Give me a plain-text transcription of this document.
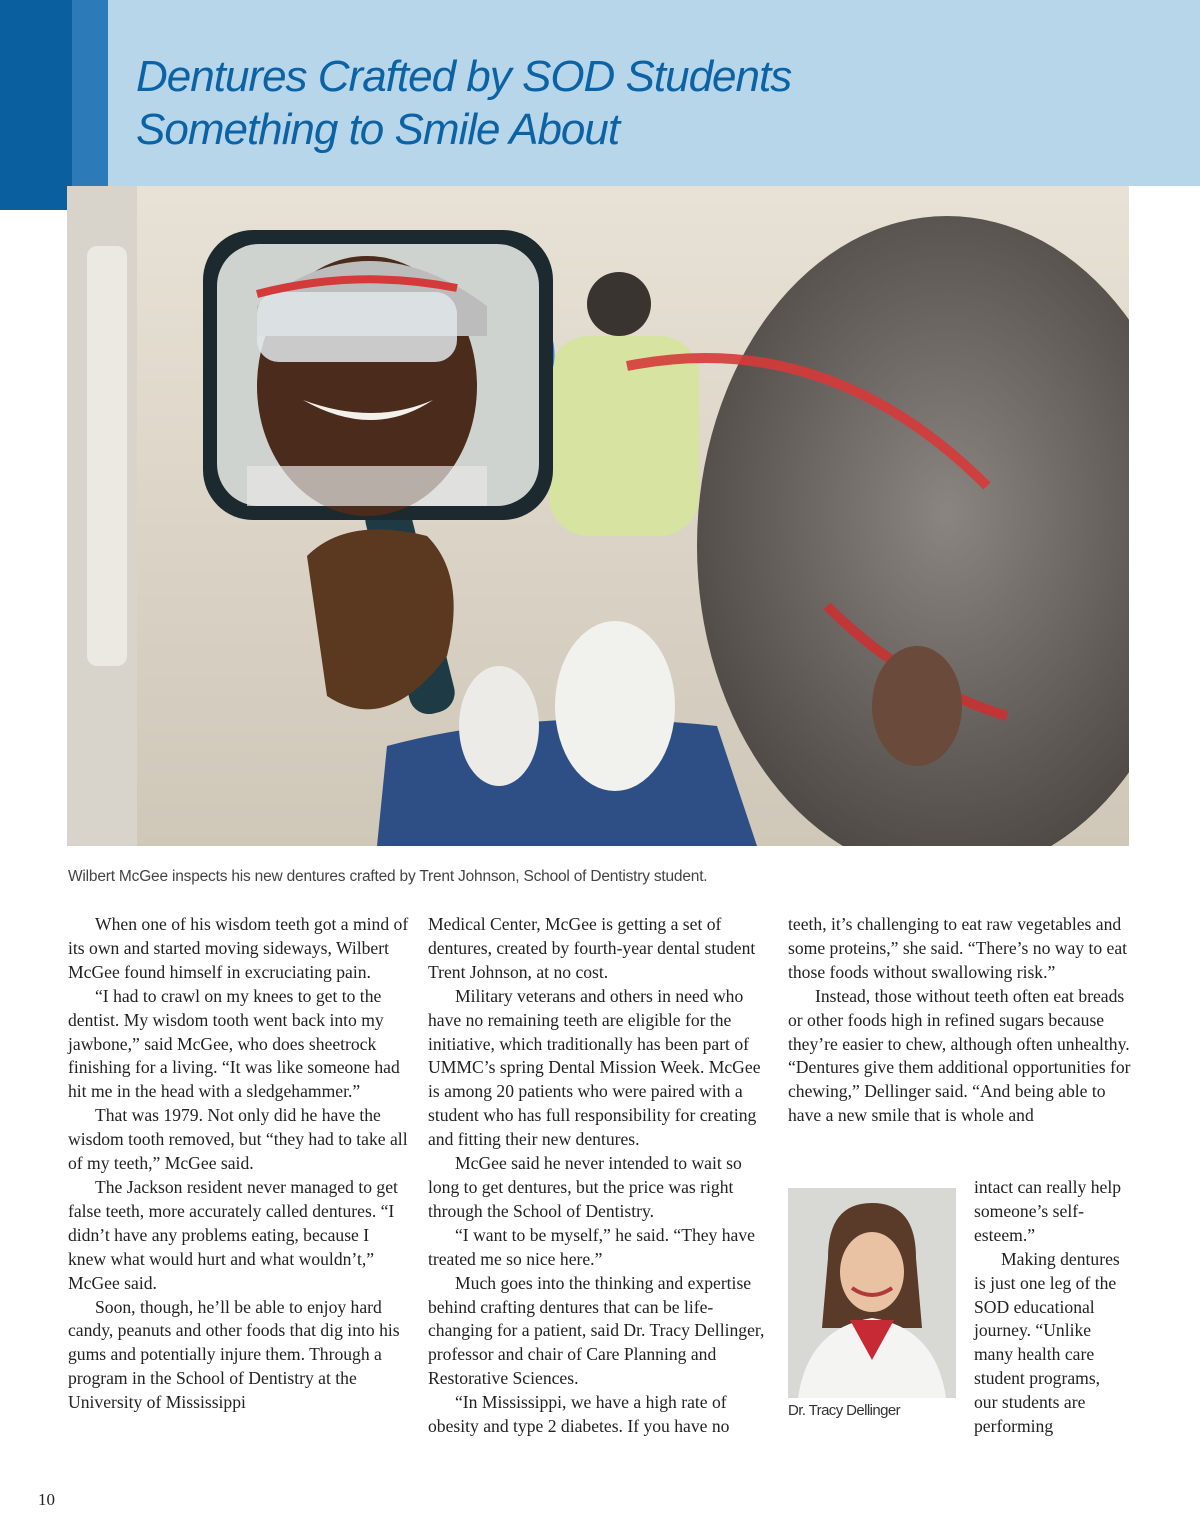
Dentures Crafted by SOD Students
Something to Smile About
Wilbert McGee inspects his new dentures crafted by Trent Johnson, School of Dentistry student.

When one of his wisdom teeth got a mind of its own and started moving sideways, Wilbert McGee found himself in excruciating pain.

“I had to crawl on my knees to get to the dentist. My wisdom tooth went back into my jawbone,” said McGee, who does sheetrock finishing for a living. “It was like someone had hit me in the head with a sledgehammer.”

That was 1979. Not only did he have the wisdom tooth removed, but “they had to take all of my teeth,” McGee said.

The Jackson resident never managed to get false teeth, more accurately called dentures. “I didn’t have any problems eating, because I knew what would hurt and what wouldn’t,” McGee said.

Soon, though, he’ll be able to enjoy hard candy, peanuts and other foods that dig into his gums and potentially injure them. Through a program in the School of Dentistry at the University of Mississippi

Medical Center, McGee is getting a set of dentures, created by fourth-year dental student Trent Johnson, at no cost.

Military veterans and others in need who have no remaining teeth are eligible for the initiative, which traditionally has been part of UMMC’s spring Dental Mission Week. McGee is among 20 patients who were paired with a student who has full responsibility for creating and fitting their new dentures.

McGee said he never intended to wait so long to get dentures, but the price was right through the School of Dentistry.

“I want to be myself,” he said. “They have treated me so nice here.”

Much goes into the thinking and expertise behind crafting dentures that can be life-changing for a patient, said Dr. Tracy Dellinger, professor and chair of Care Planning and Restorative Sciences.

“In Mississippi, we have a high rate of obesity and type 2 diabetes. If you have no

teeth, it’s challenging to eat raw vegetables and some proteins,” she said. “There’s no way to eat those foods without swallowing risk.”

Instead, those without teeth often eat breads or other foods high in refined sugars because they’re easier to chew, although often unhealthy. “Dentures give them additional opportunities for chewing,” Dellinger said. “And being able to have a new smile that is whole and

intact can really help someone’s self-esteem.”

Making dentures is just one leg of the SOD educational journey. “Unlike many health care student programs, our students are performing

Dr. Tracy Dellinger
10
